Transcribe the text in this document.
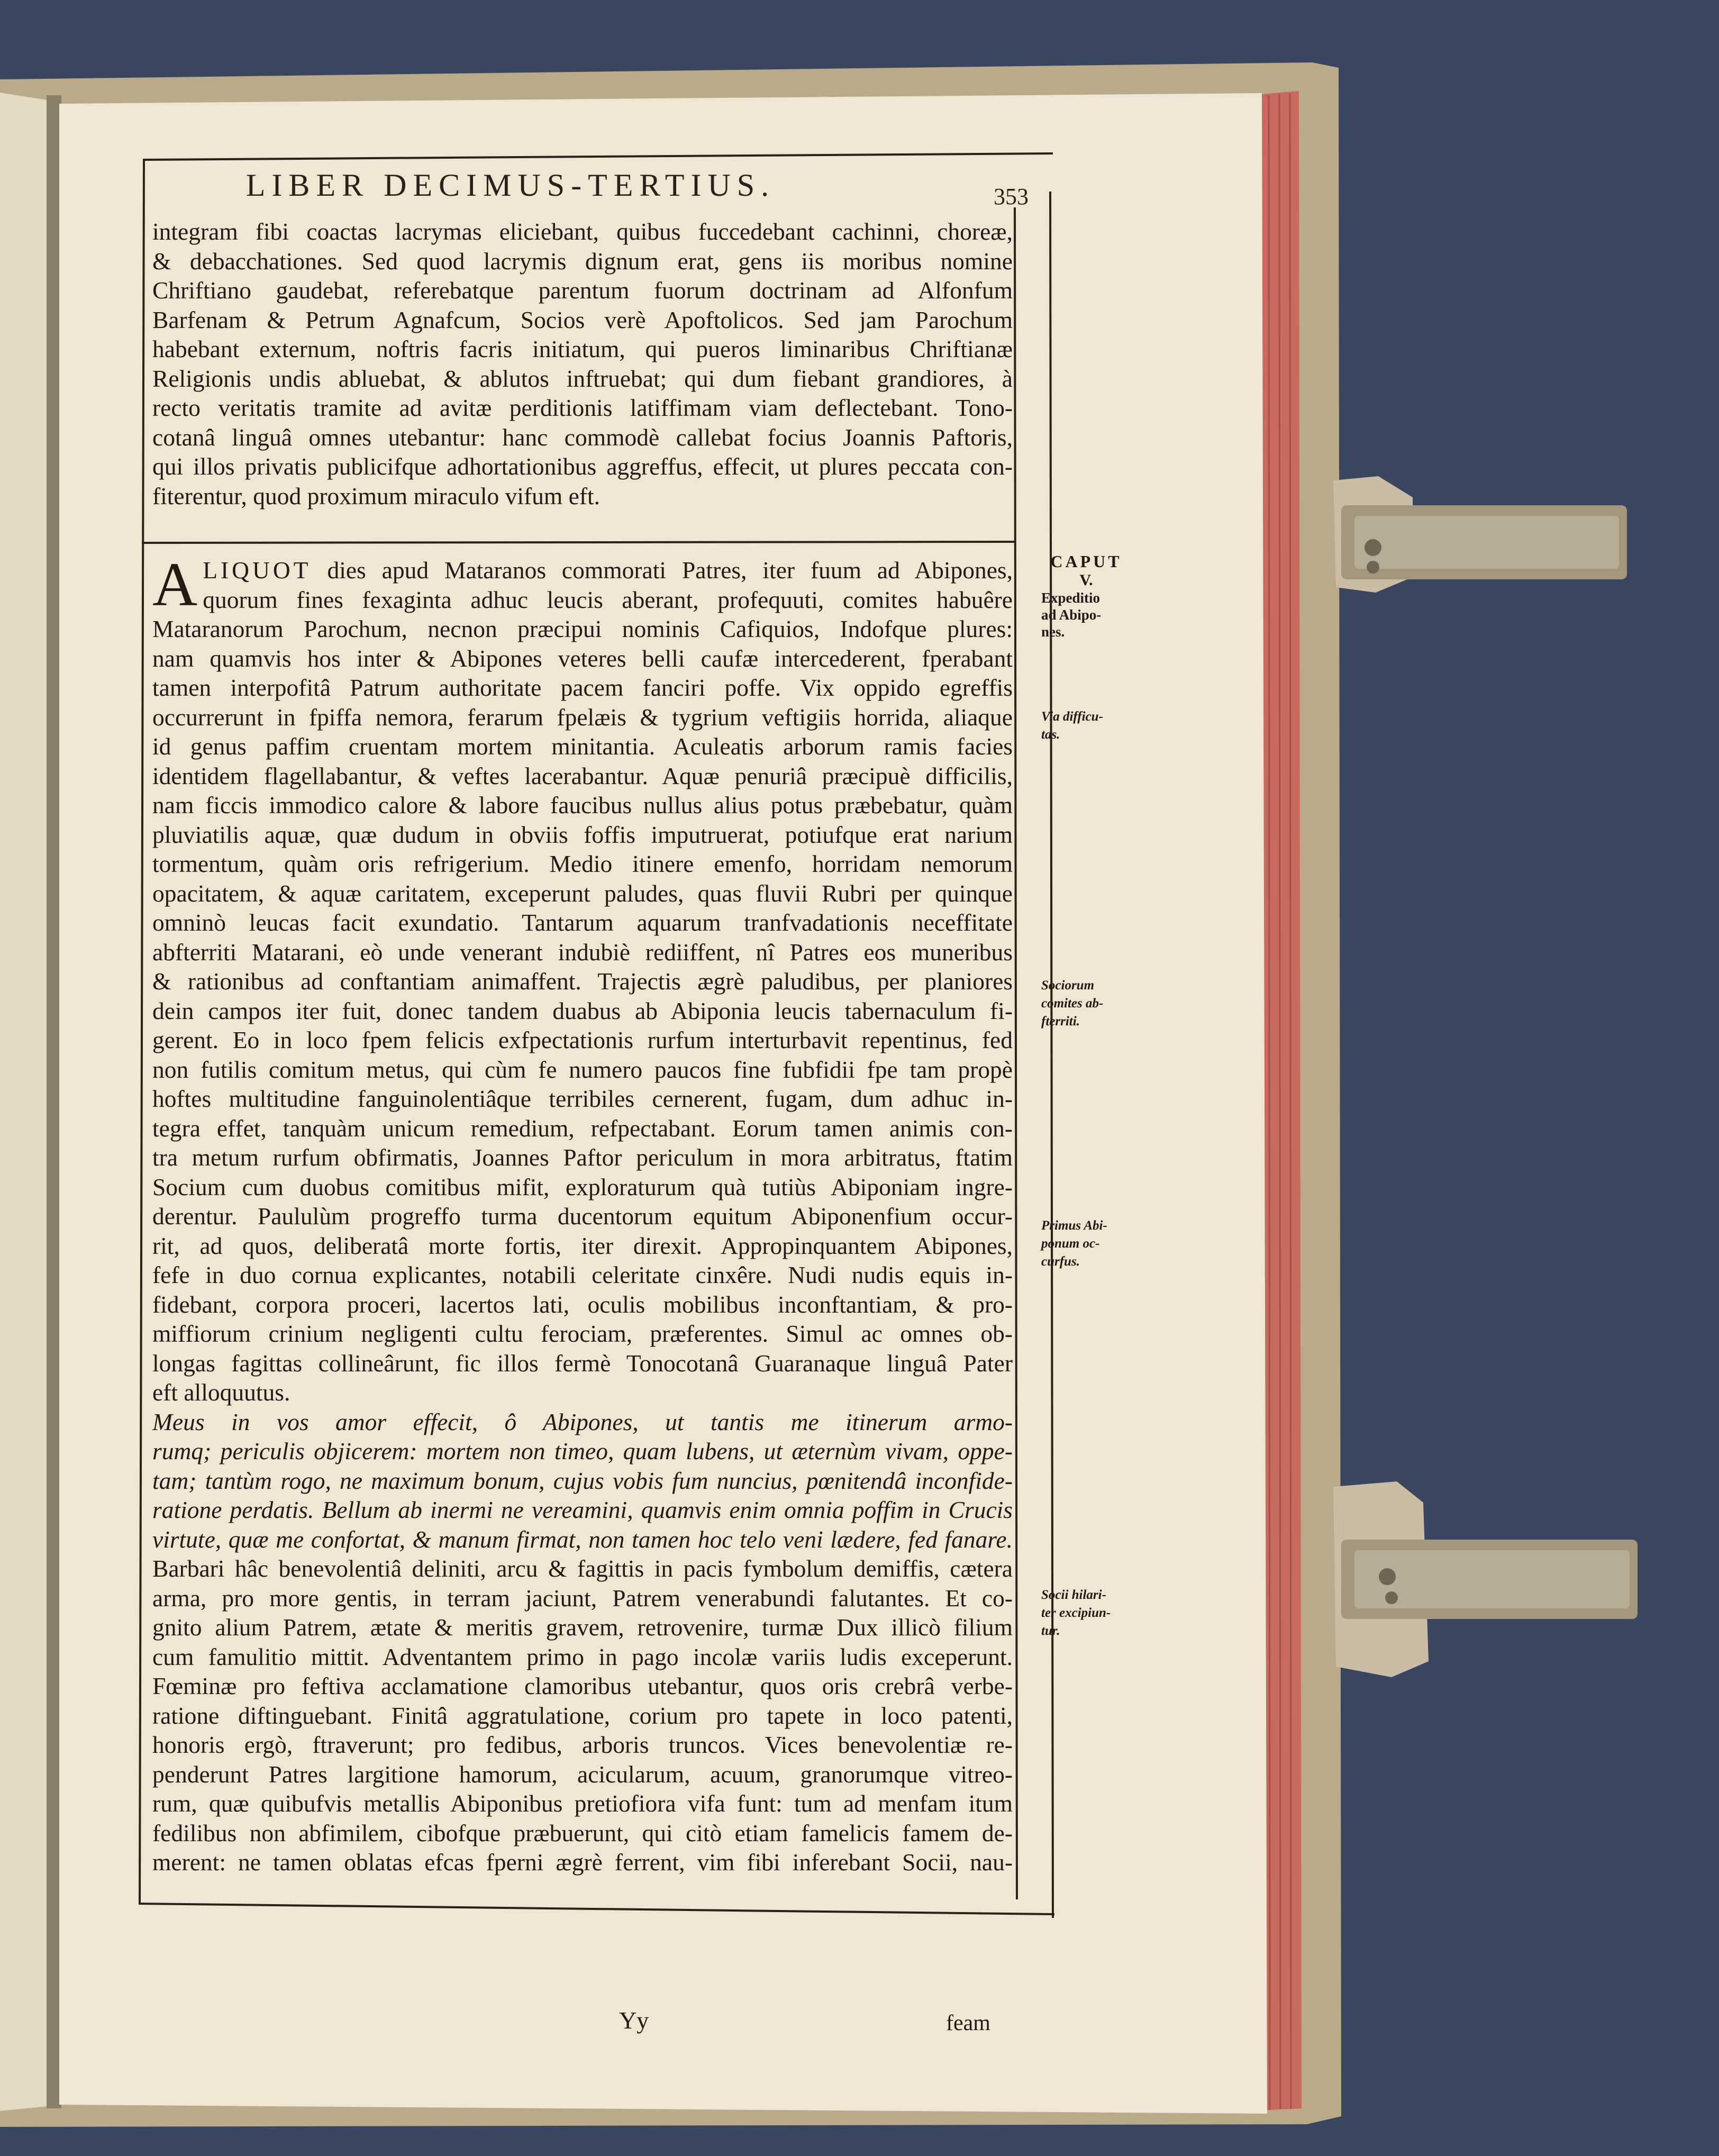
LIBER DECIMUS-TERTIUS.	353

integram fibi coactas lacrymas eliciebant, quibus fuccedebant cachinni, choreæ,

& debacchationes. Sed quod lacrymis dignum erat, gens iis moribus nomine

Chriftiano gaudebat, referebatque parentum fuorum doctrinam ad Alfonfum

Barfenam & Petrum Agnafcum, Socios verè Apoftolicos. Sed jam Parochum

habebant externum, noftris facris initiatum, qui pueros liminaribus Chriftianæ

Religionis undis abluebat, & ablutos inftruebat; qui dum fiebant grandiores, à

recto veritatis tramite ad avitæ perditionis latiffimam viam deflectebant. Tono-

cotanâ linguâ omnes utebantur: hanc commodè callebat focius Joannis Paftoris,

qui illos privatis publicifque adhortationibus aggreffus, effecit, ut plures peccata con-

fiterentur, quod proximum miraculo vifum eft.

A LIQUOT dies apud Mataranos commorati Patres, iter fuum ad Abipones,

quorum fines fexaginta adhuc leucis aberant, profequuti, comites habuêre

Mataranorum Parochum, necnon præcipui nominis Cafiquios, Indofque plures:

nam quamvis hos inter & Abipones veteres belli caufæ intercederent, fperabant

tamen interpofitâ Patrum authoritate pacem fanciri poffe. Vix oppido egreffis

occurrerunt in fpiffa nemora, ferarum fpelæis & tygrium veftigiis horrida, aliaque

id genus paffim cruentam mortem minitantia. Aculeatis arborum ramis facies

identidem flagellabantur, & veftes lacerabantur. Aquæ penuriâ præcipuè difficilis,

nam ficcis immodico calore & labore faucibus nullus alius potus præbebatur, quàm

pluviatilis aquæ, quæ dudum in obviis foffis imputruerat, potiufque erat narium

tormentum, quàm oris refrigerium. Medio itinere emenfo, horridam nemorum

opacitatem, & aquæ caritatem, exceperunt paludes, quas fluvii Rubri per quinque

omninò leucas facit exundatio. Tantarum aquarum tranfvadationis neceffitate

abfterriti Matarani, eò unde venerant indubiè rediiffent, nî Patres eos muneribus

& rationibus ad conftantiam animaffent. Trajectis ægrè paludibus, per planiores

dein campos iter fuit, donec tandem duabus ab Abiponia leucis tabernaculum fi-

gerent. Eo in loco fpem felicis exfpectationis rurfum interturbavit repentinus, fed

non futilis comitum metus, qui cùm fe numero paucos fine fubfidii fpe tam propè

hoftes multitudine fanguinolentiâque terribiles cernerent, fugam, dum adhuc in-

tegra effet, tanquàm unicum remedium, refpectabant. Eorum tamen animis con-

tra metum rurfum obfirmatis, Joannes Paftor periculum in mora arbitratus, ftatim

Socium cum duobus comitibus mifit, exploraturum quà tutiùs Abiponiam ingre-

derentur. Paululùm progreffo turma ducentorum equitum Abiponenfium occur-

rit, ad quos, deliberatâ morte fortis, iter direxit. Appropinquantem Abipones,

fefe in duo cornua explicantes, notabili celeritate cinxêre. Nudi nudis equis in-

fidebant, corpora proceri, lacertos lati, oculis mobilibus inconftantiam, & pro-

miffiorum crinium negligenti cultu ferociam, præferentes. Simul ac omnes ob-

longas fagittas collineârunt, fic illos fermè Tonocotanâ Guaranaque linguâ Pater

eft alloquutus.

Meus in vos amor effecit, ô Abipones, ut tantis me itinerum armo-

rumq; periculis objicerem: mortem non timeo, quam lubens, ut æternùm vivam, oppe-

tam; tantùm rogo, ne maximum bonum, cujus vobis fum nuncius, pœnitendâ inconfide-

ratione perdatis. Bellum ab inermi ne vereamini, quamvis enim omnia poffim in Crucis

virtute, quæ me confortat, & manum firmat, non tamen hoc telo veni lædere, fed fanare.

Barbari hâc benevolentiâ deliniti, arcu & fagittis in pacis fymbolum demiffis, cætera

arma, pro more gentis, in terram jaciunt, Patrem venerabundi falutantes. Et co-

gnito alium Patrem, ætate & meritis gravem, retrovenire, turmæ Dux illicò filium

cum famulitio mittit. Adventantem primo in pago incolæ variis ludis exceperunt.

Fœminæ pro feftiva acclamatione clamoribus utebantur, quos oris crebrâ verbe-

ratione diftinguebant. Finitâ aggratulatione, corium pro tapete in loco patenti,

honoris ergò, ftraverunt; pro fedibus, arboris truncos. Vices benevolentiæ re-

penderunt Patres largitione hamorum, acicularum, acuum, granorumque vitreo-

rum, quæ quibufvis metallis Abiponibus pretiofiora vifa funt: tum ad menfam itum

fedilibus non abfimilem, cibofque præbuerunt, qui citò etiam famelicis famem de-

merent: ne tamen oblatas efcas fperni ægrè ferrent, vim fibi inferebant Socii, nau-

CAPUT
V.
Expeditio
ad Abipo-
nes.
Via difficu-
tas.
Sociorum
comites ab-
fterriti.
Primus Abi-
ponum oc-
curfus.
Socii hilari-
ter excipiun-
tur.
Yy	feam
